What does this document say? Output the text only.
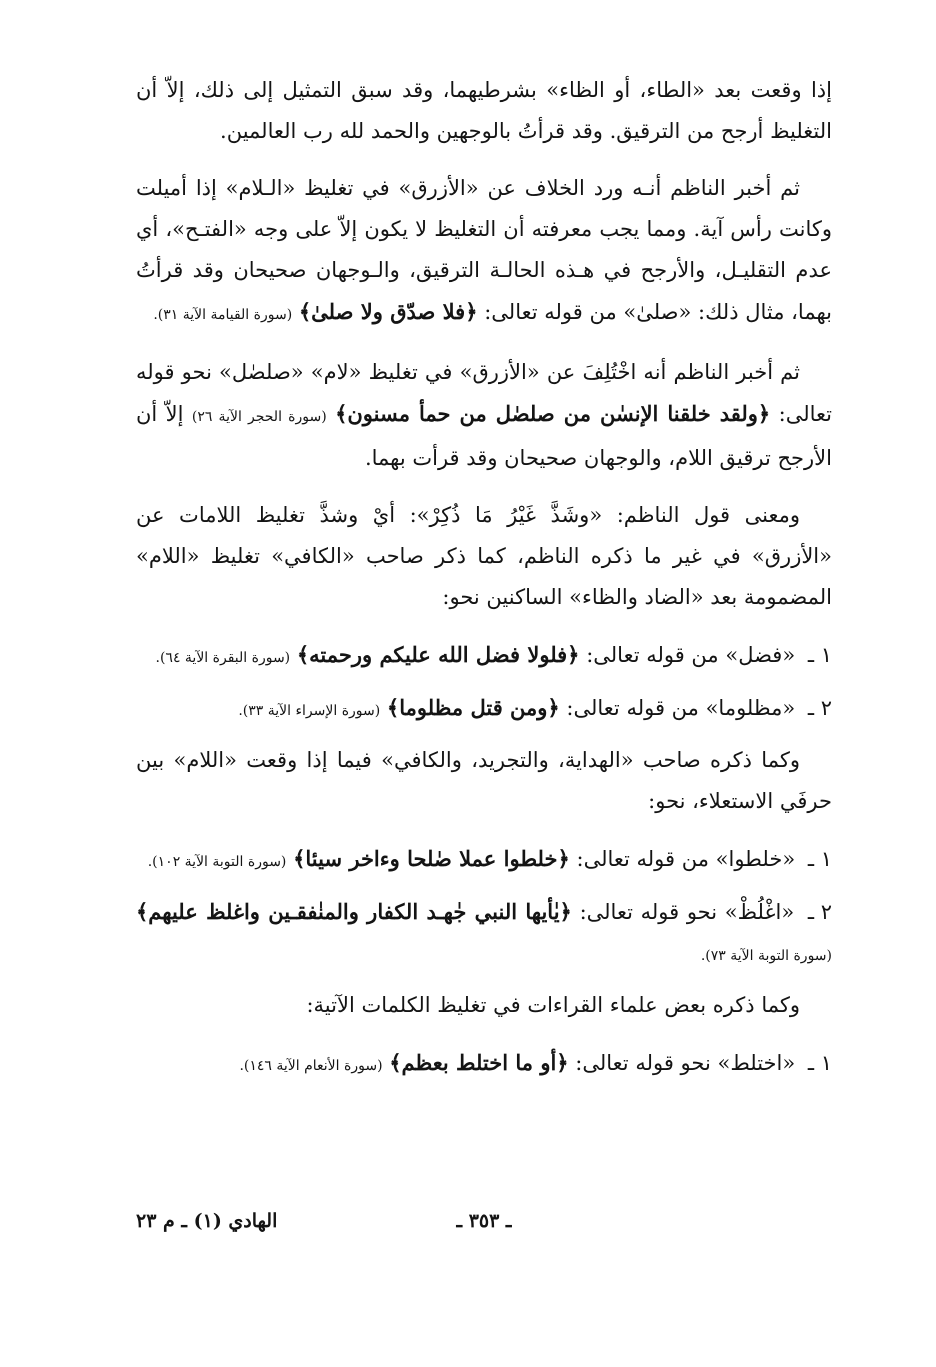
إذا وقعت بعد «الطاء، أو الظاء» بشرطيهما، وقد سبق التمثيل إلى ذلك، إلاّ أن التغليظ أرجح من الترقيق. وقد قرأتُ بالوجهين والحمد لله رب العالمين.

ثم أخبر الناظم أنـه ورد الخلاف عن «الأزرق» في تغليظ «الـلام» إذا أميلت وكانت رأس آية. ومما يجب معرفته أن التغليظ لا يكون إلاّ على وجه «الفتـح»، أي عدم التقليـل، والأرجح في هـذه الحالـة الترقيق، والـوجهان صحيحان وقد قرأتُ بهما، مثال ذلك: «صلىٰ» من قوله تعالى: ﴿فلا صدّق ولا صلىٰ﴾ (سورة القيامة الآية ٣١).

ثم أخبر الناظم أنه اخْتُلِفَ عن «الأزرق» في تغليظ «لام» «صلصٰل» نحو قوله تعالى: ﴿ولقد خلقنا الإنسٰن من صلصٰل من حمأ مسنون﴾ (سورة الحجر الآية ٢٦) إلاّ أن الأرجح ترقيق اللام، والوجهان صحيحان وقد قرأت بهما.

ومعنى قول الناظم: «وشَذَّ غَيْرُ مَا ذُكِرْ»: أيْ وشذَّ تغليظ اللامات عن «الأزرق» في غير ما ذكره الناظم، كما ذكر صاحب «الكافي» تغليظ «اللام» المضمومة بعد «الضاد والظاء» الساكنين نحو:

١ ـ «فضل» من قوله تعالى: ﴿فلولا فضل الله عليكم ورحمته﴾ (سورة البقرة الآية ٦٤).

٢ ـ «مظلوما» من قوله تعالى: ﴿ومن قتل مظلوما﴾ (سورة الإسراء الآية ٣٣).

وكما ذكره صاحب «الهداية، والتجريد، والكافي» فيما إذا وقعت «اللام» بين حرفَي الاستعلاء، نحو:

١ ـ «خلطوا» من قوله تعالى: ﴿خلطوا عملا صٰلحا وءاخر سيئا﴾ (سورة التوبة الآية ١٠٢).

٢ ـ «اغْلُظْ» نحو قوله تعالى: ﴿يٰأيها النبي جٰهـد الكفار والمنٰفقـين واغلظ عليهم﴾ (سورة التوبة الآية ٧٣).

وكما ذكره بعض علماء القراءات في تغليظ الكلمات الآتية:

١ ـ «اختلط» نحو قوله تعالى: ﴿أو ما اختلط بعظم﴾ (سورة الأنعام الآية ١٤٦).

ـ ٣٥٣ ـ
الهادي (١) ـ م ٢٣
